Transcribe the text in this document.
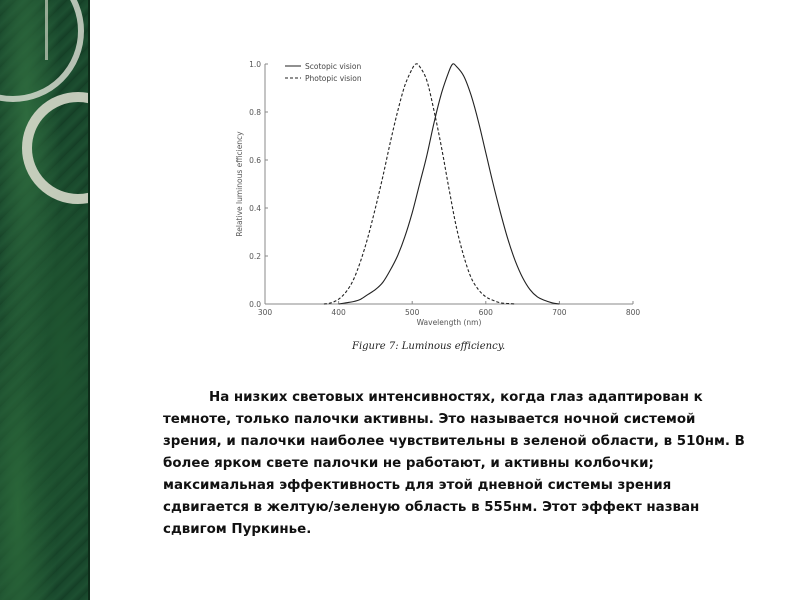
300	400	500	600	700	800
0.0
0.2
0.4
0.6
0.8
1.0	Scotopic vision
Photopic vision
Wavelength (nm)
Relative luminous efficiency
Figure 7: Luminous efficiency.

На низких световых интенсивностях, когда глаз адаптирован к темноте, только палочки активны. Это называется ночной системой зрения, и палочки наиболее чувствительны в зеленой области, в 510нм. В более ярком свете палочки не работают, и активны колбочки; максимальная эффективность для этой дневной системы зрения сдвигается в желтую/зеленую область в 555нм. Этот эффект назван сдвигом Пуркинье.
